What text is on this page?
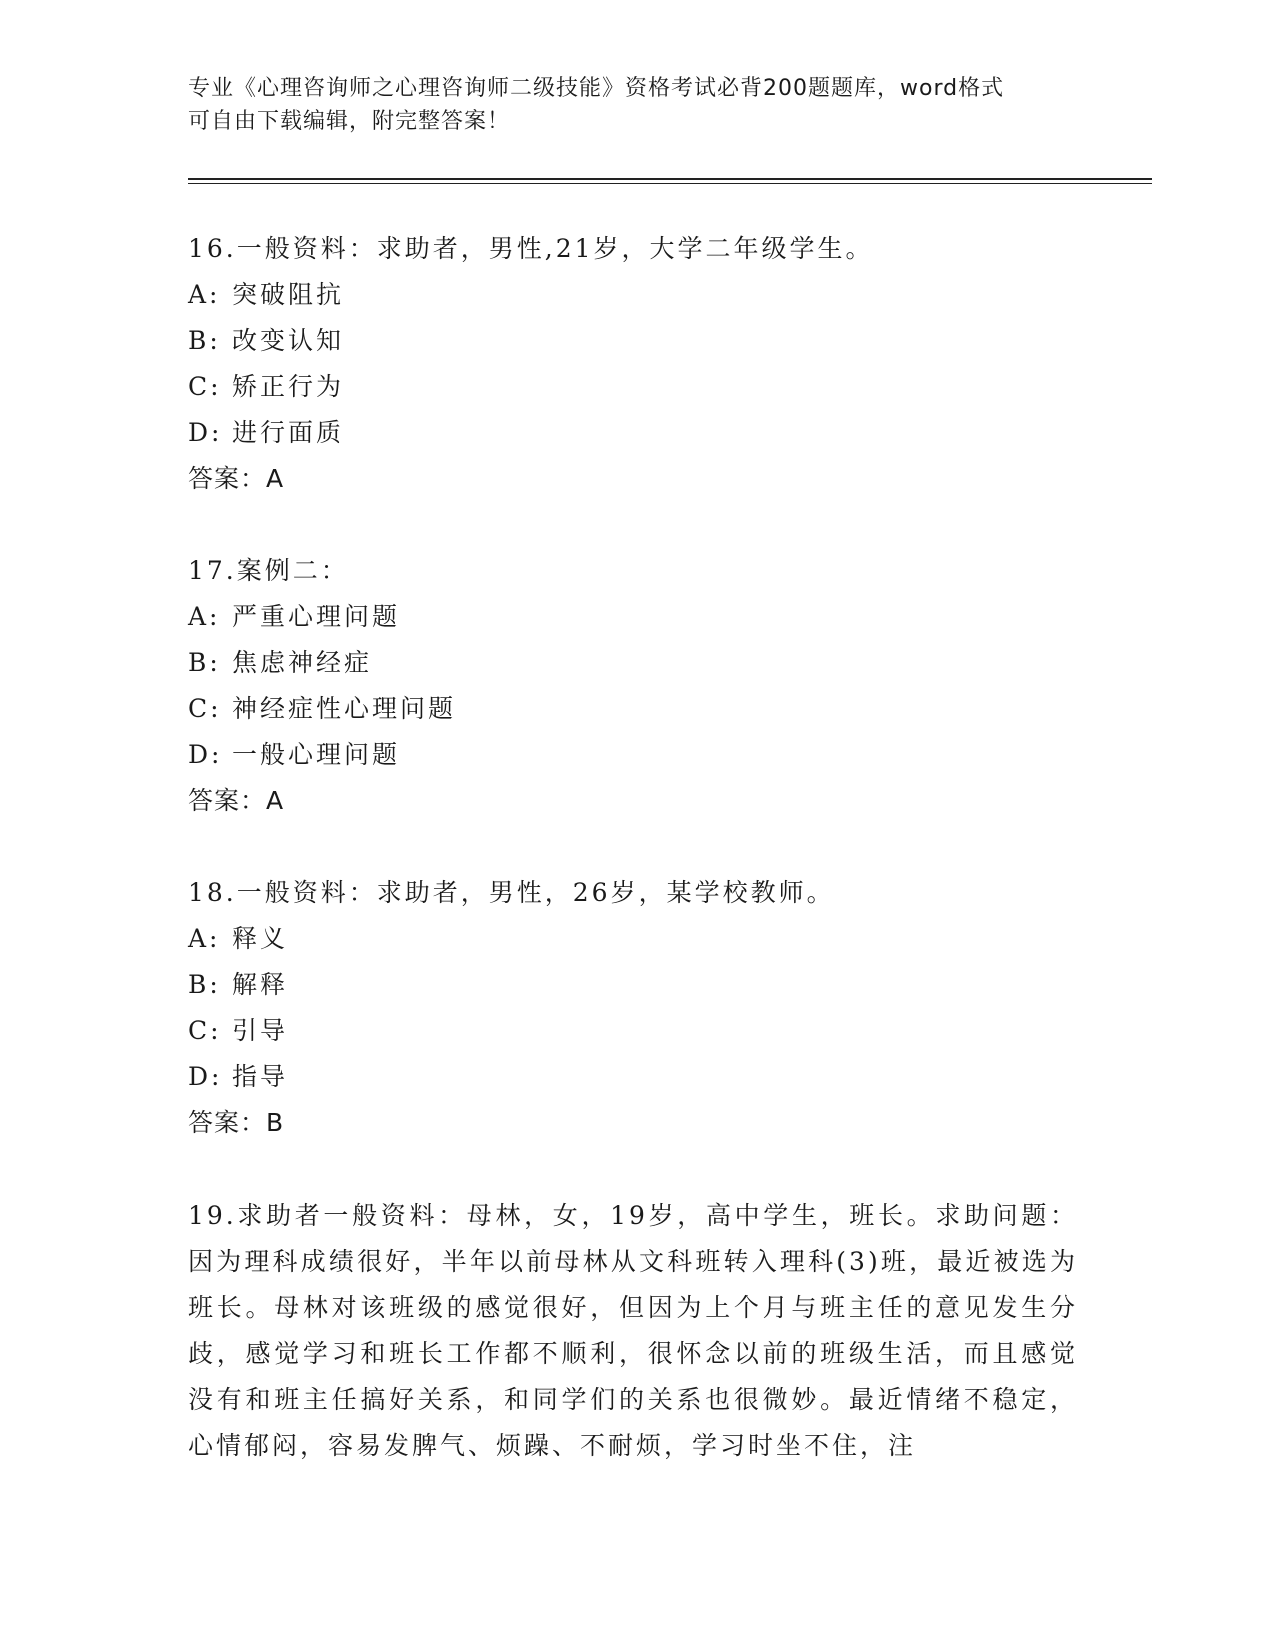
专业《心理咨询师之心理咨询师二级技能》资格考试必背200题题库，word格式
可自由下载编辑，附完整答案！
16.一般资料：求助者，男性,21岁，大学二年级学生。
A: 突破阻抗
B: 改变认知
C: 矫正行为
D: 进行面质
答案：A
17.案例二：
A: 严重心理问题
B: 焦虑神经症
C: 神经症性心理问题
D: 一般心理问题
答案：A
18.一般资料：求助者，男性，26岁，某学校教师。
A: 释义
B: 解释
C: 引导
D: 指导
答案：B
19.求助者一般资料：母林，女，19岁，高中学生，班长。求助问题：因为理科成绩很好，半年以前母林从文科班转入理科(3)班，最近被选为班长。母林对该班级的感觉很好，但因为上个月与班主任的意见发生分歧，感觉学习和班长工作都不顺利，很怀念以前的班级生活，而且感觉没有和班主任搞好关系，和同学们的关系也很微妙。最近情绪不稳定，心情郁闷，容易发脾气、烦躁、不耐烦，学习时坐不住，注
